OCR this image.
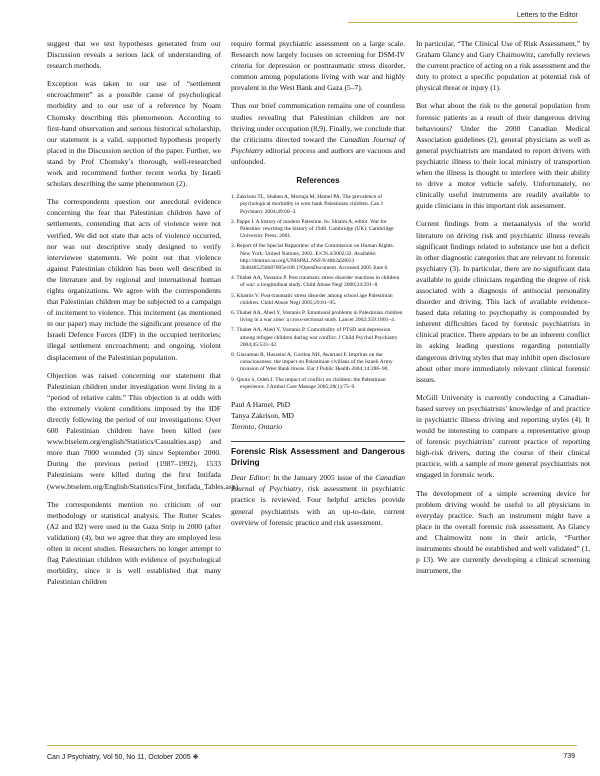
Letters to the Editor

suggest that we test hypotheses generated from our Discussion reveals a serious lack of understanding of research methods.

Exception was taken to our use of “settlement encroachment” as a possible cause of psychological morbidity and to our use of a reference by Noam Chomsky describing this phenomenon. According to first-hand observation and serious historical scholarship, our statement is a valid, supported hypothesis properly placed in the Discussion section of the paper. Further, we stand by Prof Chomsky’s thorough, well-researched work and recommend further recent works by Israeli scholars describing the same phenomenon (2).

The correspondents question our anecdotal evidence concerning the fear that Palestinian children have of settlements, contending that acts of violence were not verified. We did not state that acts of violence occurred, nor was our descriptive study designed to verify interviewee statements. We point out that violence against Palestinian children has been well described in the literature and by regional and international human rights organizations. We agree with the correspondents that Palestinian children may be subjected to a campaign of incitement to violence. This incitement (as mentioned in our paper) may include the significant presence of the Israeli Defence Forces (IDF) in the occupied territories; illegal settlement encroachment; and ongoing, violent displacement of the Palestinian population.

Objection was raised concerning our statement that Palestinian children under investigation were living in a “period of relative calm.” This objection is at odds with the extremely violent conditions imposed by the IDF directly following the period of our investigations: Over 600 Palestinian children have been killed (see www.btselem.org/english/Statistics/Casualties.asp) and more than 7000 wounded (3) since September 2000. During the previous period (1987–1992), 1533 Palestinians were killed during the first Intifada (www.btselem.org/English/Statistics/First_Intifada_Tables.asp).

The correspondents mention no criticism of our methodology or statistical analysis. The Rutter Scales (A2 and B2) were used in the Gaza Strip in 2000 (after validation) (4), but we agree that they are employed less often in recent studies. Researchers no longer attempt to flag Palestinian children with evidence of psychological morbidity, since it is well established that many Palestinian children

require formal psychiatric assessment on a large scale. Research now largely focuses on screening for DSM-IV criteria for depression or posttraumatic stress disorder, common among populations living with war and highly prevalent in the West Bank and Gaza (5–7).

Thus our brief communication remains one of countless studies revealing that Palestinian children are not thriving under occupation (8,9). Finally, we conclude that the criticisms directed toward the Canadian Journal of Psychiatry editorial process and authors are vacuous and unfounded.

References
1. Zakrison TL, Shahen A, Mortaja M, Hamel PA. The prevalence of psychological morbidity in west bank Palestinian children. Can J Psychiatry 2004;49:60–3.
2. Pappe I. A history of modern Palestine. In: Shlaim A, editor. War for Palestine: rewriting the history of 1948. Cambridge (UK): Cambridge University Press; 2001.
3. Report of the Special Rapporteur of the Commission on Human Rights. New York: United Nations; 2002. E/CN.4/2002/32. Available: http://domino.un.org/UNISPAL.NSF/0/48b2a58013 3b48485256b87005e108 1?OpenDocument. Accessed 2005 June 6.
4. Thabet AA, Vostanis P. Post traumatic stress disorder reactions in children of war: a longitudinal study. Child Abuse Negl 2000;24:291–8.
5. Khamis V. Post-traumatic stress disorder among school age Palestinian children. Child Abuse Negl 2005;29:81–95.
6. Thabet AA, Abed Y, Vostanis P. Emotional problems in Palestinian children living in a war zone: a cross-sectional study. Lancet 2002;359:1801–4.
7. Thabet AA, Abed Y, Vostanis P. Comorbidity of PTSD and depression among refugee children during war conflict. J Child Psychol Psychiatry 2004;45:533–42.
8. Giacaman R, Husseini A, Gordon NH, Awartani F. Imprints on the consciousness: the impact on Palestinian civilians of the Israeli Army invasion of West Bank towns. Eur J Public Health 2004;14:286–90.
9. Qouta S, Odeh J. The impact of conflict on children: the Palestinian experience. J Ambul Care Manage 2005;28(1):75–9.
Paul A Hamel, PhD
Tanya Zakrison, MD
Toronto, Ontario
Forensic Risk Assessment and Dangerous Driving

Dear Editor: In the January 2005 issue of the Canadian Journal of Psychiatry, risk assessment in psychiatric practice is reviewed. Four helpful articles provide general psychiatrists with an up-to-date, current overview of forensic practice and risk assessment.

In particular, “The Clinical Use of Risk Assessment,” by Graham Glancy and Gary Chaimowitz, carefully reviews the current practice of acting on a risk assessment and the duty to protect a specific population at potential risk of physical threat or injury (1).

But what about the risk to the general population from forensic patients as a result of their dangerous driving behaviours? Under the 2000 Canadian Medical Association guidelines (2), general physicians as well as general psychiatrists are mandated to report drivers with psychiatric illness to their local ministry of transportion when the illness is thought to interfere with their ability to drive a motor vehicle safely. Unfortunately, no clinically useful instruments are readily available to guide clinicians in this important risk assessment.

Current findings from a metaanalysis of the world literature on driving risk and psychiatric illness reveals significant findings related to substance use but a deficit in other diagnostic categories that are relevant to forensic psychiatry (3). In particular, there are no significant data available to guide clinicians regarding the degree of risk associated with a diagnosis of antisocial personality disorder and driving. This lack of available evidence-based data relating to psychopathy is compounded by inherent difficulties faced by forensic psychiatrists in clinical practice. There appears to be an inherent conflict in asking leading questions regarding potentially dangerous driving styles that may inhibit open disclosure about other more immediately relevant clinical forensic issues.

McGill University is currently conducting a Canadian-based survey on psychiatrists’ knowledge of and practice in psychiatric illness driving and reporting styles (4). It would be interesting to compare a representative group of forensic psychiatrists’ current practice of reporting high-risk drivers, during the course of their clinical practice, with a sample of more general psychiatrists not engaged in forensic work.

The development of a simple screening device for problem driving would be useful to all physicians in everyday practice. Such an instrument might have a place in the overall forensic risk assessment. As Glancy and Chaimowitz note in their article, “Further instruments should be established and well validated” (1, p 13). We are currently developing a clinical screening instrument, the

Can J Psychiatry, Vol 50, No 11, October 2005 ❋	739
